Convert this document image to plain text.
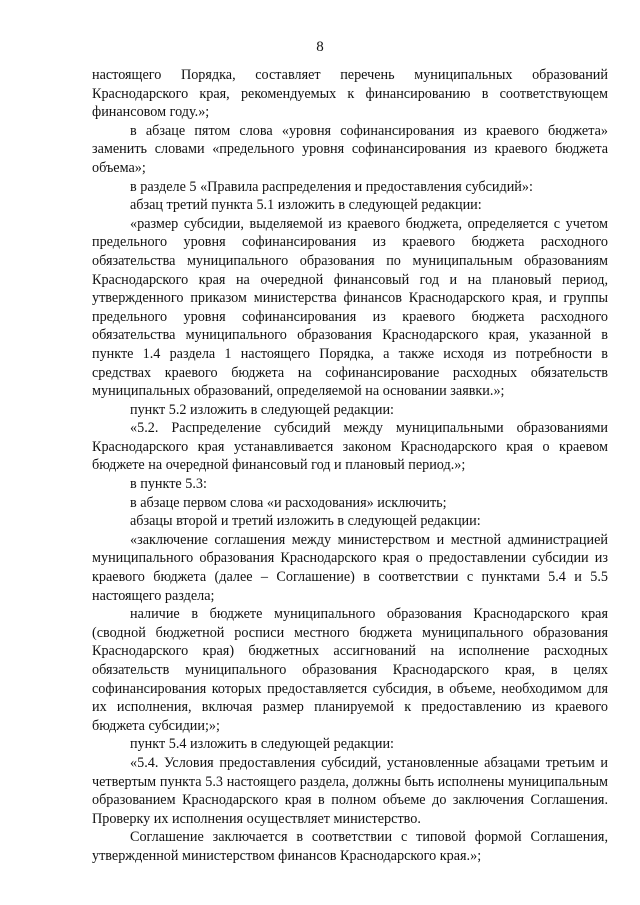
8

настоящего Порядка, составляет перечень муниципальных образований Краснодарского края, рекомендуемых к финансированию в соответствующем финансовом году.»;

в абзаце пятом слова «уровня софинансирования из краевого бюджета» заменить словами «предельного уровня софинансирования из краевого бюджета объема»;

в разделе 5 «Правила распределения и предоставления субсидий»:

абзац третий пункта 5.1 изложить в следующей редакции:

«размер субсидии, выделяемой из краевого бюджета, определяется с учетом предельного уровня софинансирования из краевого бюджета расходного обязательства муниципального образования по муниципальным образованиям Краснодарского края на очередной финансовый год и на плановый период, утвержденного приказом министерства финансов Краснодарского края, и группы предельного уровня софинансирования из краевого бюджета расходного обязательства муниципального образования Краснодарского края, указанной в пункте 1.4 раздела 1 настоящего Порядка, а также исходя из потребности в средствах краевого бюджета на софинансирование расходных обязательств муниципальных образований, определяемой на основании заявки.»;

пункт 5.2 изложить в следующей редакции:

«5.2. Распределение субсидий между муниципальными образованиями Краснодарского края устанавливается законом Краснодарского края о краевом бюджете на очередной финансовый год и плановый период.»;

в пункте 5.3:

в абзаце первом слова «и расходования» исключить;

абзацы второй и третий изложить в следующей редакции:

«заключение соглашения между министерством и местной администрацией муниципального образования Краснодарского края о предоставлении субсидии из краевого бюджета (далее – Соглашение) в соответствии с пунктами 5.4 и 5.5 настоящего раздела;

наличие в бюджете муниципального образования Краснодарского края (сводной бюджетной росписи местного бюджета муниципального образования Краснодарского края) бюджетных ассигнований на исполнение расходных обязательств муниципального образования Краснодарского края, в целях софинансирования которых предоставляется субсидия, в объеме, необходимом для их исполнения, включая размер планируемой к предоставлению из краевого бюджета субсидии;»;

пункт 5.4 изложить в следующей редакции:

«5.4. Условия предоставления субсидий, установленные абзацами третьим и четвертым пункта 5.3 настоящего раздела, должны быть исполнены муниципальным образованием Краснодарского края в полном объеме до заключения Соглашения. Проверку их исполнения осуществляет министерство.

Соглашение заключается в соответствии с типовой формой Соглашения, утвержденной министерством финансов Краснодарского края.»;
